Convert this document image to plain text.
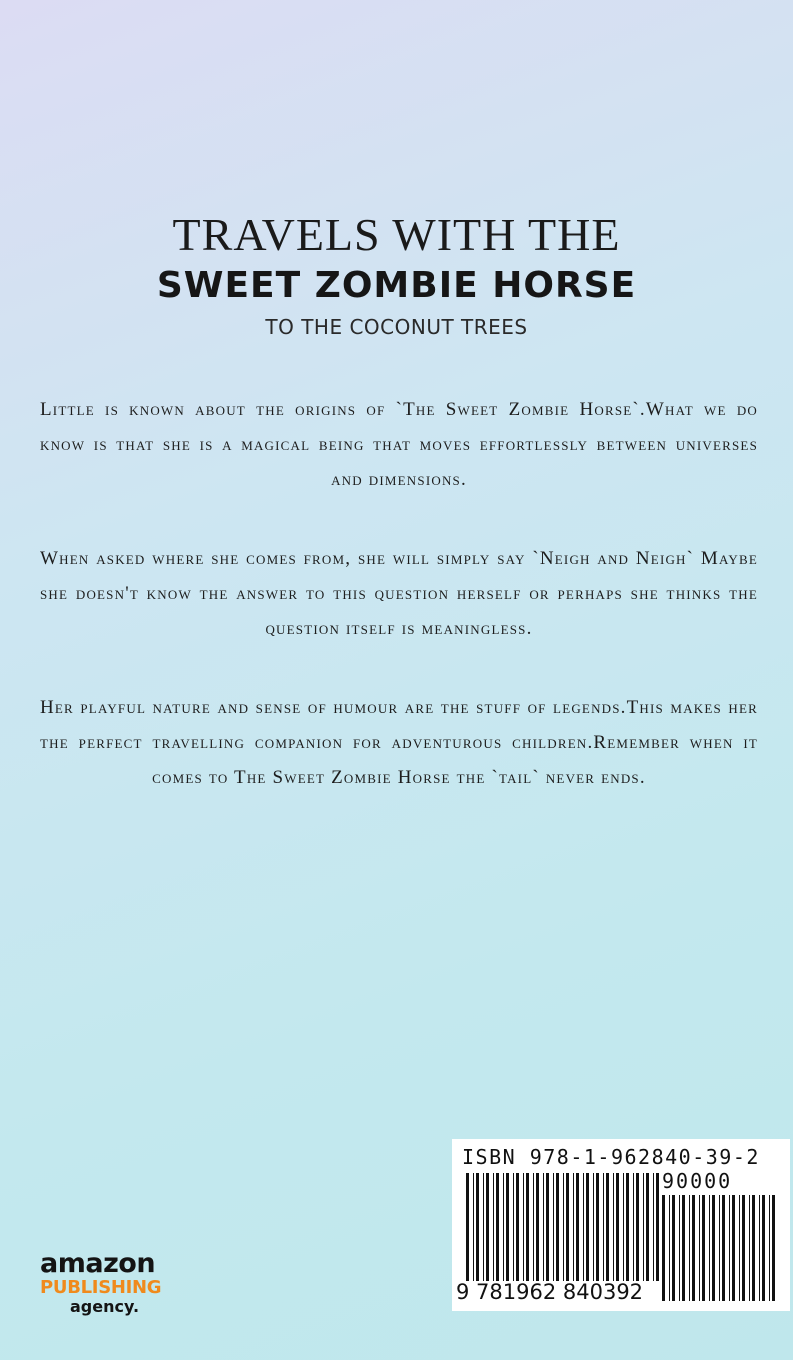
TRAVELS WITH THE
SWEET ZOMBIE HORSE
TO THE COCONUT TREES

Little is known about the origins of `The Sweet Zombie Horse`.What we do know is that she is a magical being that moves effortlessly between universes and dimensions.

When asked where she comes from, she will simply say `Neigh and Neigh` Maybe she doesn't know the answer to this question herself or perhaps she thinks the question itself is meaningless.

Her playful nature and sense of humour are the stuff of legends.This makes her the perfect travelling companion for adventurous children.Remember when it comes to The Sweet Zombie Horse the `tail` never ends.

amazon
PUBLISHING
agency.
ISBN 978-1-962840-39-2
90000
9 781962 840392
